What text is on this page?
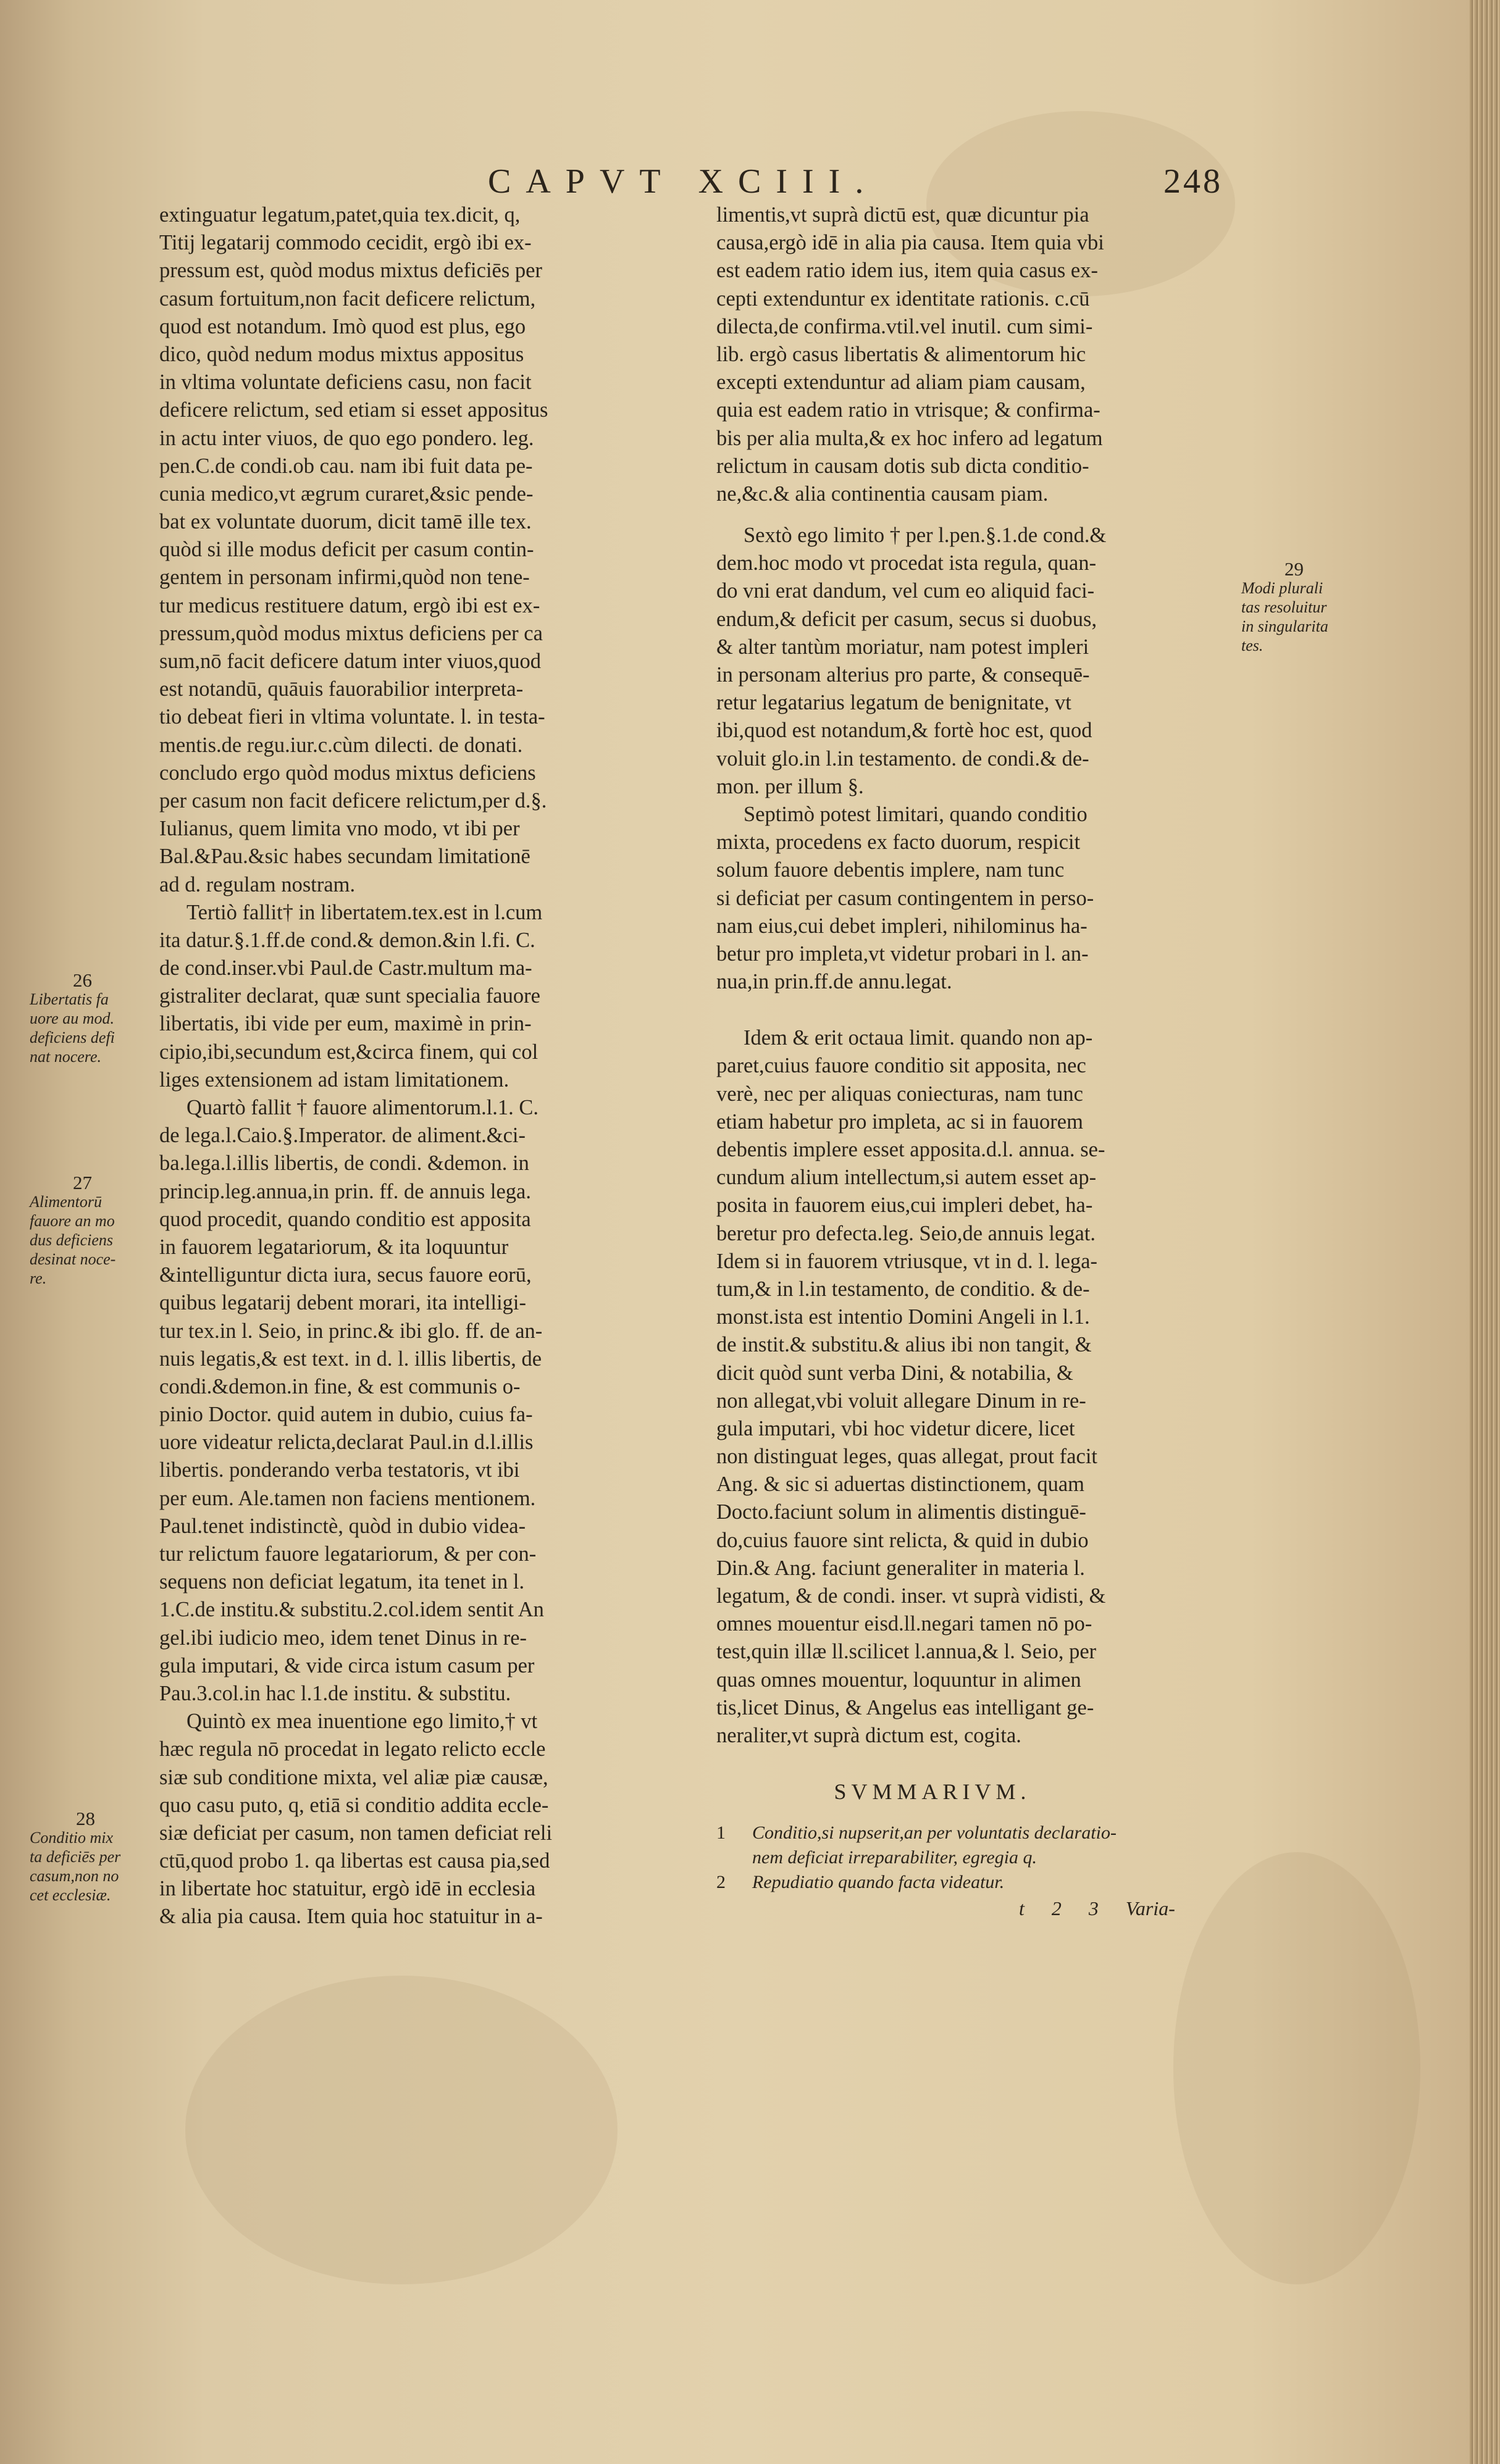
CAPVT XCIII.	248
extinguatur legatum,patet,quia tex.dicit, q,
Titij legatarij commodo cecidit, ergò ibi ex-
pressum est, quòd modus mixtus deficiēs per
casum fortuitum,non facit deficere relictum,
quod est notandum. Imò quod est plus, ego
dico, quòd nedum modus mixtus appositus
in vltima voluntate deficiens casu, non facit
deficere relictum, sed etiam si esset appositus
in actu inter viuos, de quo ego pondero. leg.
pen.C.de condi.ob cau. nam ibi fuit data pe-
cunia medico,vt ægrum curaret,&sic pende-
bat ex voluntate duorum, dicit tamē ille tex.
quòd si ille modus deficit per casum contin-
gentem in personam infirmi,quòd non tene-
tur medicus restituere datum, ergò ibi est ex-
pressum,quòd modus mixtus deficiens per ca
sum,nō facit deficere datum inter viuos,quod
est notandū, quāuis fauorabilior interpreta-
tio debeat fieri in vltima voluntate. l. in testa-
mentis.de regu.iur.c.cùm dilecti. de donati.
concludo ergo quòd modus mixtus deficiens
per casum non facit deficere relictum,per d.§.
Iulianus, quem limita vno modo, vt ibi per
Bal.&Pau.&sic habes secundam limitationē
ad d. regulam nostram.
Tertiò fallit† in libertatem.tex.est in l.cum
ita datur.§.1.ff.de cond.& demon.&in l.fi. C.
de cond.inser.vbi Paul.de Castr.multum ma-
gistraliter declarat, quæ sunt specialia fauore
libertatis, ibi vide per eum, maximè in prin-
cipio,ibi,secundum est,&circa finem, qui col
liges extensionem ad istam limitationem.
Quartò fallit † fauore alimentorum.l.1. C.
de lega.l.Caio.§.Imperator. de aliment.&ci-
ba.lega.l.illis libertis, de condi. &demon. in
princip.leg.annua,in prin. ff. de annuis lega.
quod procedit, quando conditio est apposita
in fauorem legatariorum, & ita loquuntur
&intelliguntur dicta iura, secus fauore eorū,
quibus legatarij debent morari, ita intelligi-
tur tex.in l. Seio, in princ.& ibi glo. ff. de an-
nuis legatis,& est text. in d. l. illis libertis, de
condi.&demon.in fine, & est communis o-
pinio Doctor. quid autem in dubio, cuius fa-
uore videatur relicta,declarat Paul.in d.l.illis
libertis. ponderando verba testatoris, vt ibi
per eum. Ale.tamen non faciens mentionem.
Paul.tenet indistinctè, quòd in dubio videa-
tur relictum fauore legatariorum, & per con-
sequens non deficiat legatum, ita tenet in l.
1.C.de institu.& substitu.2.col.idem sentit An
gel.ibi iudicio meo, idem tenet Dinus in re-
gula imputari, & vide circa istum casum per
Pau.3.col.in hac l.1.de institu. & substitu.
Quintò ex mea inuentione ego limito,† vt
hæc regula nō procedat in legato relicto eccle
siæ sub conditione mixta, vel aliæ piæ causæ,
quo casu puto, q, etiā si conditio addita eccle-
siæ deficiat per casum, non tamen deficiat reli
ctū,quod probo 1. qa libertas est causa pia,sed
in libertate hoc statuitur, ergò idē in ecclesia
& alia pia causa. Item quia hoc statuitur in a-
limentis,vt suprà dictū est, quæ dicuntur pia
causa,ergò idē in alia pia causa. Item quia vbi
est eadem ratio idem ius, item quia casus ex-
cepti extenduntur ex identitate rationis. c.cū
dilecta,de confirma.vtil.vel inutil. cum simi-
lib. ergò casus libertatis & alimentorum hic
excepti extenduntur ad aliam piam causam,
quia est eadem ratio in vtrisque; & confirma-
bis per alia multa,& ex hoc infero ad legatum
relictum in causam dotis sub dicta conditio-
ne,&c.& alia continentia causam piam.
Sextò ego limito † per l.pen.§.1.de cond.&
dem.hoc modo vt procedat ista regula, quan-
do vni erat dandum, vel cum eo aliquid faci-
endum,& deficit per casum, secus si duobus,
& alter tantùm moriatur, nam potest impleri
in personam alterius pro parte, & consequē-
retur legatarius legatum de benignitate, vt
ibi,quod est notandum,& fortè hoc est, quod
voluit glo.in l.in testamento. de condi.& de-
mon. per illum §.
Septimò potest limitari, quando conditio
mixta, procedens ex facto duorum, respicit
solum fauore debentis implere, nam tunc
si deficiat per casum contingentem in perso-
nam eius,cui debet impleri, nihilominus ha-
betur pro impleta,vt videtur probari in l. an-
nua,in prin.ff.de annu.legat.
Idem & erit octaua limit. quando non ap-
paret,cuius fauore conditio sit apposita, nec
verè, nec per aliquas coniecturas, nam tunc
etiam habetur pro impleta, ac si in fauorem
debentis implere esset apposita.d.l. annua. se-
cundum alium intellectum,si autem esset ap-
posita in fauorem eius,cui impleri debet, ha-
beretur pro defecta.leg. Seio,de annuis legat.
Idem si in fauorem vtriusque, vt in d. l. lega-
tum,& in l.in testamento, de conditio. & de-
monst.ista est intentio Domini Angeli in l.1.
de instit.& substitu.& alius ibi non tangit, &
dicit quòd sunt verba Dini, & notabilia, &
non allegat,vbi voluit allegare Dinum in re-
gula imputari, vbi hoc videtur dicere, licet
non distinguat leges, quas allegat, prout facit
Ang. & sic si aduertas distinctionem, quam
Docto.faciunt solum in alimentis distinguē-
do,cuius fauore sint relicta, & quid in dubio
Din.& Ang. faciunt generaliter in materia l.
legatum, & de condi. inser. vt suprà vidisti, &
omnes mouentur eisd.ll.negari tamen nō po-
test,quin illæ ll.scilicet l.annua,& l. Seio, per
quas omnes mouentur, loquuntur in alimen
tis,licet Dinus, & Angelus eas intelligant ge-
neraliter,vt suprà dictum est, cogita.
SVMMARIVM.
1 Conditio,si nupserit,an per voluntatis declaratio-
nem deficiat irreparabiliter, egregia q.
2 Repudiatio quando facta videatur.
t 2 3 Varia-
26
Libertatis fa
uore au mod.
deficiens defi
nat nocere.
27
Alimentorū
fauore an mo
dus deficiens
desinat noce-
re.
28
Conditio mix
ta deficiēs per
casum,non no
cet ecclesiæ.
29
Modi plurali
tas resoluitur
in singularita
tes.
